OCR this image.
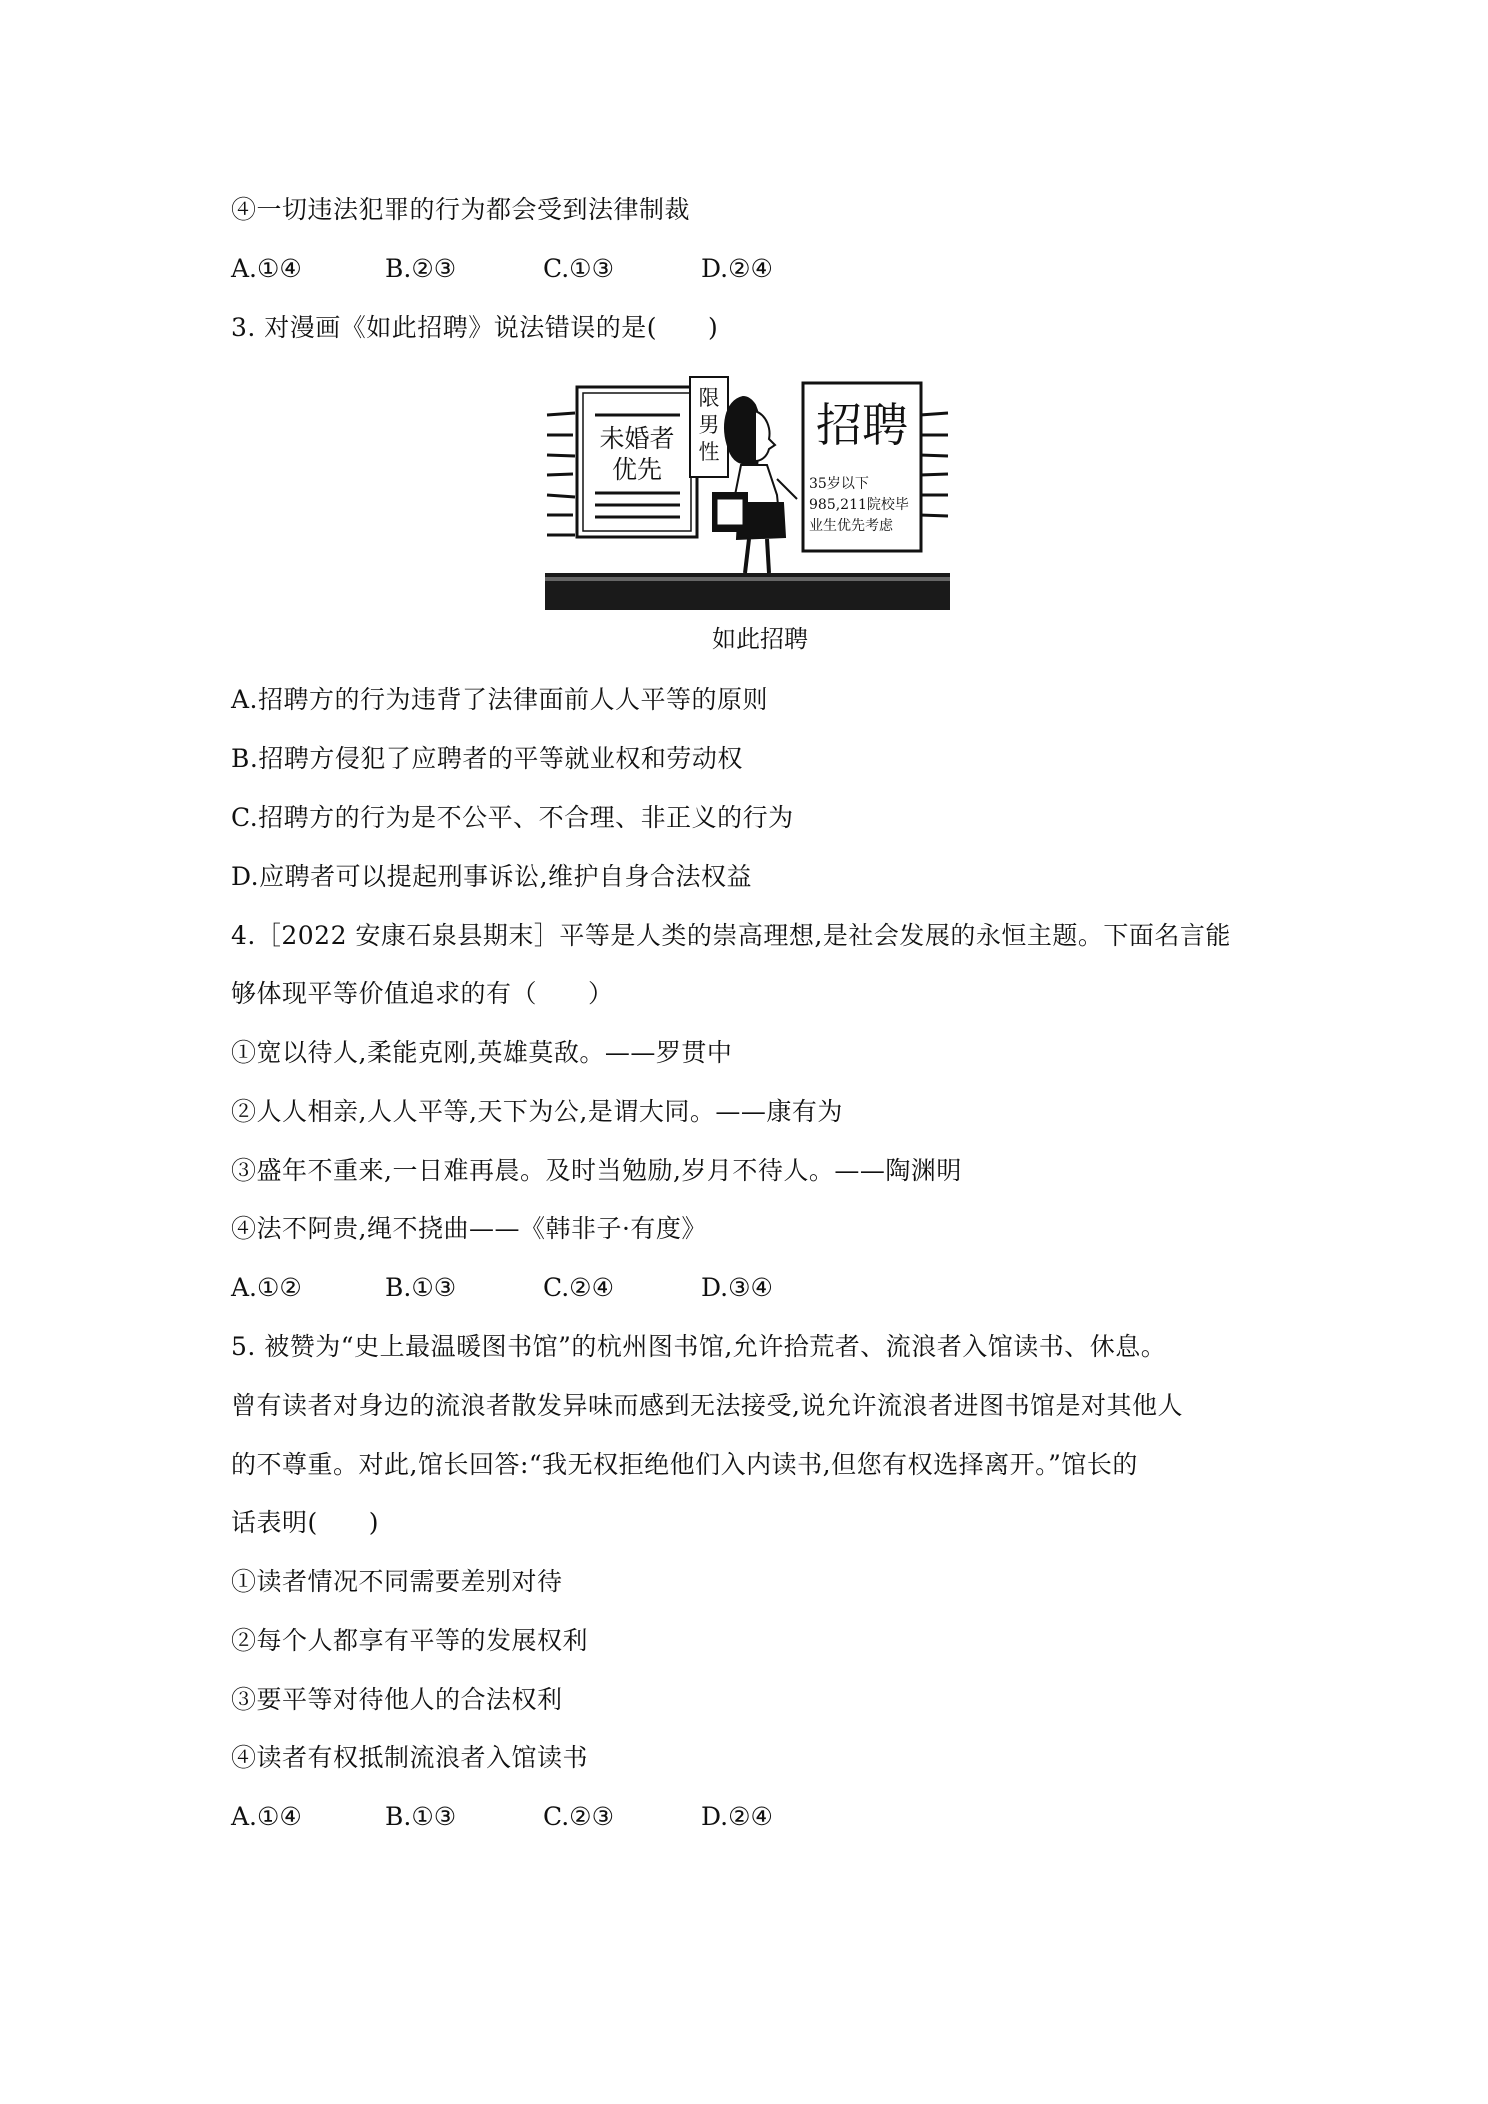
④一切违法犯罪的行为都会受到法律制裁
A.①④	B.②③	C.①③	D.②④
3. 对漫画《如此招聘》说法错误的是(　　)
未婚者
优先
限
男
性 招聘
35岁以下
985,211院校毕
业生优先考虑
如此招聘
A.招聘方的行为违背了法律面前人人平等的原则
B.招聘方侵犯了应聘者的平等就业权和劳动权
C.招聘方的行为是不公平、不合理、非正义的行为
D.应聘者可以提起刑事诉讼,维护自身合法权益
4.［2022 安康石泉县期末］平等是人类的崇高理想,是社会发展的永恒主题。下面名言能
够体现平等价值追求的有（　　）
①宽以待人,柔能克刚,英雄莫敌。——罗贯中
②人人相亲,人人平等,天下为公,是谓大同。——康有为
③盛年不重来,一日难再晨。及时当勉励,岁月不待人。——陶渊明
④法不阿贵,绳不挠曲——《韩非子·有度》
A.①②	B.①③	C.②④	D.③④
5. 被赞为“史上最温暖图书馆”的杭州图书馆,允许拾荒者、流浪者入馆读书、休息。
曾有读者对身边的流浪者散发异味而感到无法接受,说允许流浪者进图书馆是对其他人
的不尊重。对此,馆长回答:“我无权拒绝他们入内读书,但您有权选择离开。”馆长的
话表明(　　)
①读者情况不同需要差别对待
②每个人都享有平等的发展权利
③要平等对待他人的合法权利
④读者有权抵制流浪者入馆读书
A.①④	B.①③	C.②③	D.②④
